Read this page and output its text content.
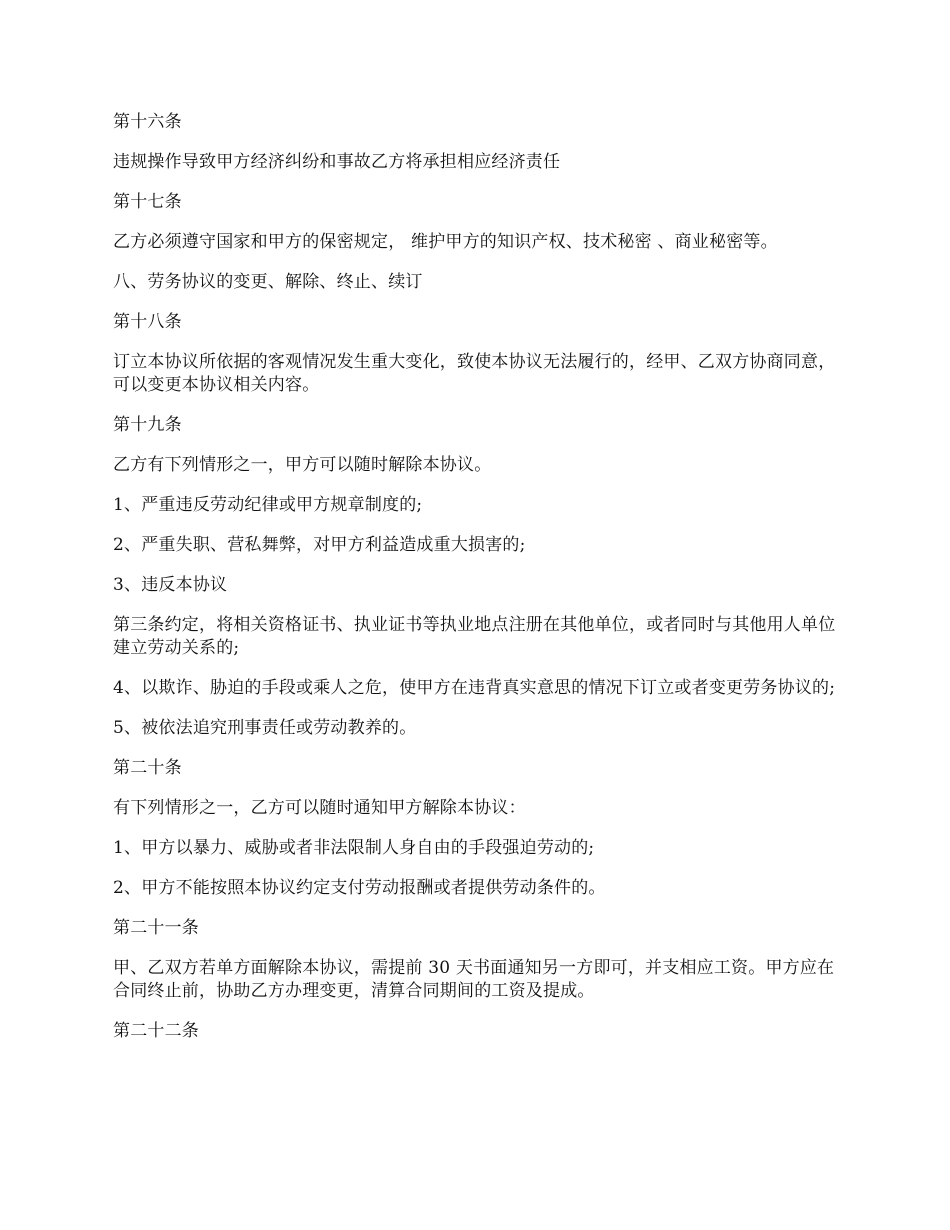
第十六条

违规操作导致甲方经济纠纷和事故乙方将承担相应经济责任

第十七条

乙方必须遵守国家和甲方的保密规定， 维护甲方的知识产权、技术秘密 、商业秘密等。

八、劳务协议的变更、解除、终止、续订

第十八条

订立本协议所依据的客观情况发生重大变化，致使本协议无法履行的，经甲、乙双方协商同意，可以变更本协议相关内容。

第十九条

乙方有下列情形之一，甲方可以随时解除本协议。

1、严重违反劳动纪律或甲方规章制度的;

2、严重失职、营私舞弊，对甲方利益造成重大损害的;

3、违反本协议

第三条约定，将相关资格证书、执业证书等执业地点注册在其他单位，或者同时与其他用人单位建立劳动关系的;

4、以欺诈、胁迫的手段或乘人之危，使甲方在违背真实意思的情况下订立或者变更劳务协议的;

5、被依法追究刑事责任或劳动教养的。

第二十条

有下列情形之一，乙方可以随时通知甲方解除本协议：

1、甲方以暴力、威胁或者非法限制人身自由的手段强迫劳动的;

2、甲方不能按照本协议约定支付劳动报酬或者提供劳动条件的。

第二十一条

甲、乙双方若单方面解除本协议，需提前 30 天书面通知另一方即可，并支相应工资。甲方应在合同终止前，协助乙方办理变更，清算合同期间的工资及提成。

第二十二条
